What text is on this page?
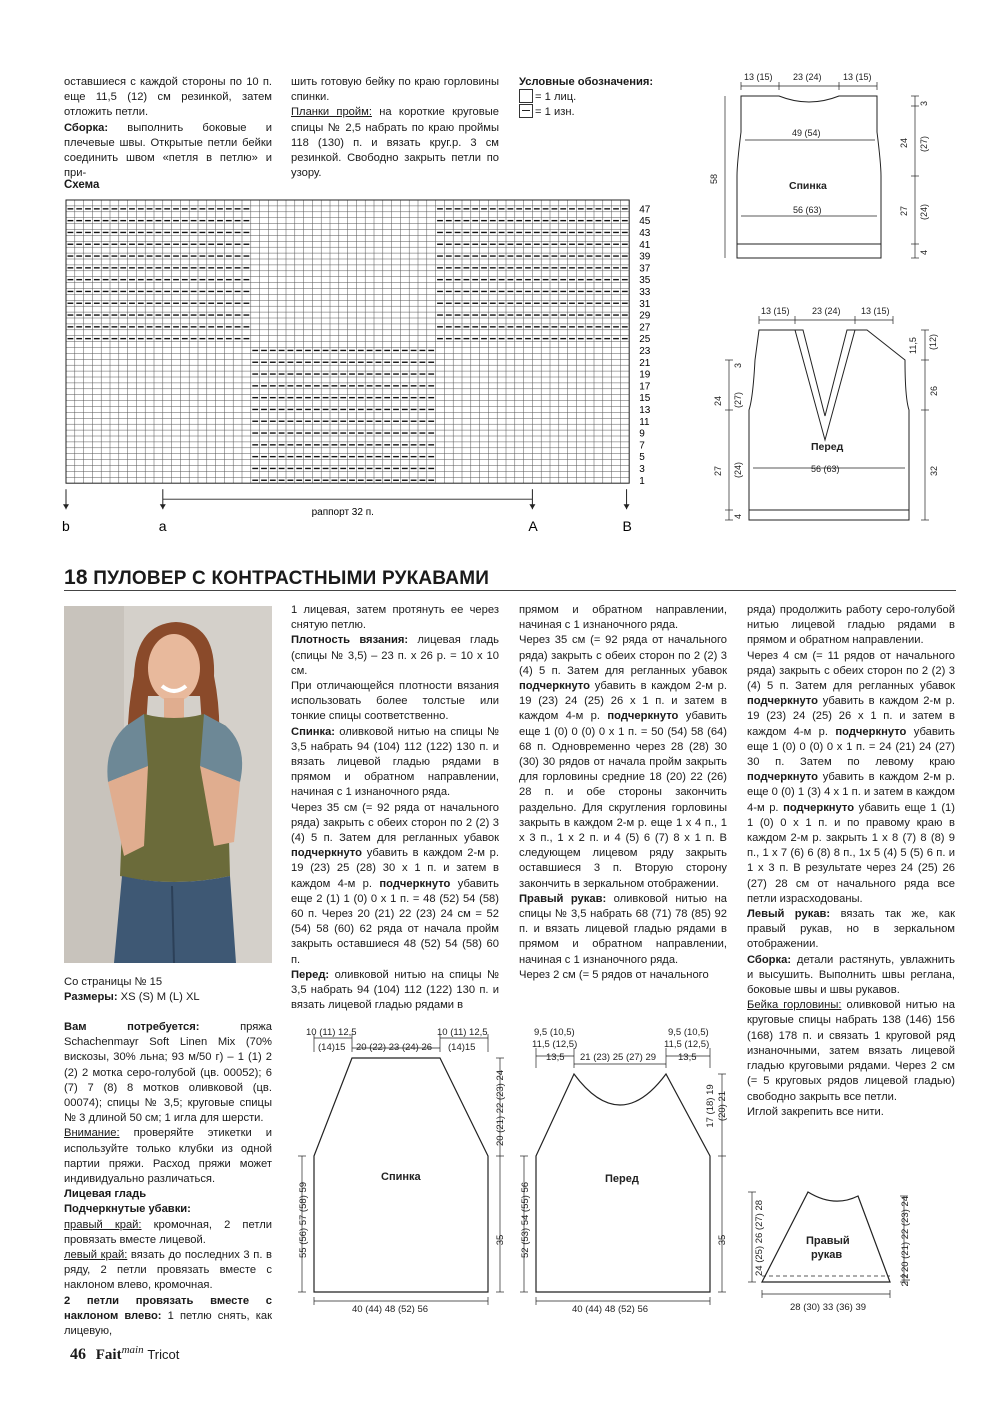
оставшиеся с каждой стороны по 10 п. еще 11,5 (12) см резинкой, затем отложить петли.

Сборка: выполнить боковые и плечевые швы. Открытые петли бейки соединить швом «петля в петлю» и при-

шить готовую бейку по краю горловины спинки.

Планки пройм: на короткие круговые спицы № 2,5 набрать по краю проймы 118 (130) п. и вязать круг.р. 3 см резинкой. Свободно закрыть петли по узору.

Условные обозначения:
= 1 лиц.
= 1 изн.
Схема
47
45
43
41
39
37
35
33
31
29
27
25
23
21
19
17
15
13
11
9
7
5
3
1
b	a	A	B
раппорт 32 п.
13 (15) 23 (24) 13 (15)
49 (54)
56 (63)
Спинка
58
3
24 (27)
27 (24)
4
13 (15) 23 (24) 13 (15)
56 (63)
Перед
11,5 (12)
26
32
3
24 (27)
27 (24)
4
18 ПУЛОВЕР С КОНТРАСТНЫМИ РУКАВАМИ
Со страницы № 15
Размеры: XS (S) M (L) XL

Вам потребуется: пряжа Schachenmayr Soft Linen Mix (70% вискозы, 30% льна; 93 м/50 г) – 1 (1) 2 (2) 2 мотка серо-голубой (цв. 00052); 6 (7) 7 (8) 8 мотков оливковой (цв. 00074); спицы № 3,5; круговые спицы № 3 длиной 50 см; 1 игла для шерсти.

Внимание: проверяйте этикетки и используйте только клубки из одной партии пряжи. Расход пряжи может индивидуально различаться.

Лицевая гладь

Подчеркнутые убавки:

правый край: кромочная, 2 петли провязать вместе лицевой.

левый край: вязать до последних 3 п. в ряду, 2 петли провязать вместе с наклоном влево, кромочная.

2 петли провязать вместе с наклоном влево: 1 петлю снять, как лицевую,

1 лицевая, затем протянуть ее через снятую петлю.

Плотность вязания: лицевая гладь (спицы № 3,5) – 23 п. х 26 р. = 10 х 10 см.

При отличающейся плотности вязания использовать более толстые или тонкие спицы соответственно.

Спинка: оливковой нитью на спицы № 3,5 набрать 94 (104) 112 (122) 130 п. и вязать лицевой гладью рядами в прямом и обратном направлении, начиная с 1 изнаночного ряда.

Через 35 см (= 92 ряда от начального ряда) закрыть с обеих сторон по 2 (2) 3 (4) 5 п. Затем для регланных убавок подчеркнуто убавить в каждом 2-м р. 19 (23) 25 (28) 30 х 1 п. и затем в каждом 4-м р. подчеркнуто убавить еще 2 (1) 1 (0) 0 х 1 п. = 48 (52) 54 (58) 60 п. Через 20 (21) 22 (23) 24 см = 52 (54) 58 (60) 62 ряда от начала пройм закрыть оставшиеся 48 (52) 54 (58) 60 п.

Перед: оливковой нитью на спицы № 3,5 набрать 94 (104) 112 (122) 130 п. и вязать лицевой гладью рядами в

прямом и обратном направлении, начиная с 1 изнаночного ряда.

Через 35 см (= 92 ряда от начального ряда) закрыть с обеих сторон по 2 (2) 3 (4) 5 п. Затем для регланных убавок подчеркнуто убавить в каждом 2-м р. 19 (23) 24 (25) 26 х 1 п. и затем в каждом 4-м р. подчеркнуто убавить еще 1 (0) 0 (0) 0 х 1 п. = 50 (54) 58 (64) 68 п. Одновременно через 28 (28) 30 (30) 30 рядов от начала пройм закрыть для горловины средние 18 (20) 22 (26) 28 п. и обе стороны закончить раздельно. Для скругления горловины закрыть в каждом 2-м р. еще 1 х 4 п., 1 х 3 п., 1 х 2 п. и 4 (5) 6 (7) 8 х 1 п. В следующем лицевом ряду закрыть оставшиеся 3 п. Вторую сторону закончить в зеркальном отображении.

Правый рукав: оливковой нитью на спицы № 3,5 набрать 68 (71) 78 (85) 92 п. и вязать лицевой гладью рядами в прямом и обратном направлении, начиная с 1 изнаночного ряда.

Через 2 см (= 5 рядов от начального

ряда) продолжить работу серо-голубой нитью лицевой гладью рядами в прямом и обратном направлении.

Через 4 см (= 11 рядов от начального ряда) закрыть с обеих сторон по 2 (2) 3 (4) 5 п. Затем для регланных убавок подчеркнуто убавить в каждом 2-м р. 19 (23) 24 (25) 26 х 1 п. и затем в каждом 4-м р. подчеркнуто убавить еще 1 (0) 0 (0) 0 х 1 п. = 24 (21) 24 (27) 30 п. Затем по левому краю подчеркнуто убавить в каждом 2-м р. еще 0 (0) 1 (3) 4 х 1 п. и затем в каждом 4-м р. подчеркнуто убавить еще 1 (1) 1 (0) 0 х 1 п. и по правому краю в каждом 2-м р. закрыть 1 х 8 (7) 8 (8) 9 п., 1 х 7 (6) 6 (8) 8 п., 1х 5 (4) 5 (5) 6 п. и 1 х 3 п. В результате через 24 (25) 26 (27) 28 см от начального ряда все петли израсходованы.

Левый рукав: вязать так же, как правый рукав, но в зеркальном отображении.

Сборка: детали растянуть, увлажнить и высушить. Выполнить швы реглана, боковые швы и швы рукавов.

Бейка горловины: оливковой нитью на круговые спицы набрать 138 (146) 156 (168) 178 п. и связать 1 круговой ряд изнаночными, затем вязать лицевой гладью круговыми рядами. Через 2 см (= 5 круговых рядов лицевой гладью) свободно закрыть все петли.

Иглой закрепить все нити.

10 (11) 12,5
(14)15 20 (22) 23 (24) 26 (14)15
10 (11) 12,5
Спинка
40 (44) 48 (52) 56
55 (56) 57 (58) 59
20 (21) 22 (23) 24
35
9,5 (10,5)
11,5 (12,5)
13,5 21 (23) 25 (27) 29
9,5 (10,5)
11,5 (12,5)
13,5
Перед
40 (44) 48 (52) 56
52 (53) 54 (55) 56
17 (18) 19 (20) 21
35	Правый
рукав
28 (30) 33 (36) 39
24 (25) 26 (27) 28	20 (21) 22 (23) 24
2|2
46 Fait$^{main}$ Tricot
